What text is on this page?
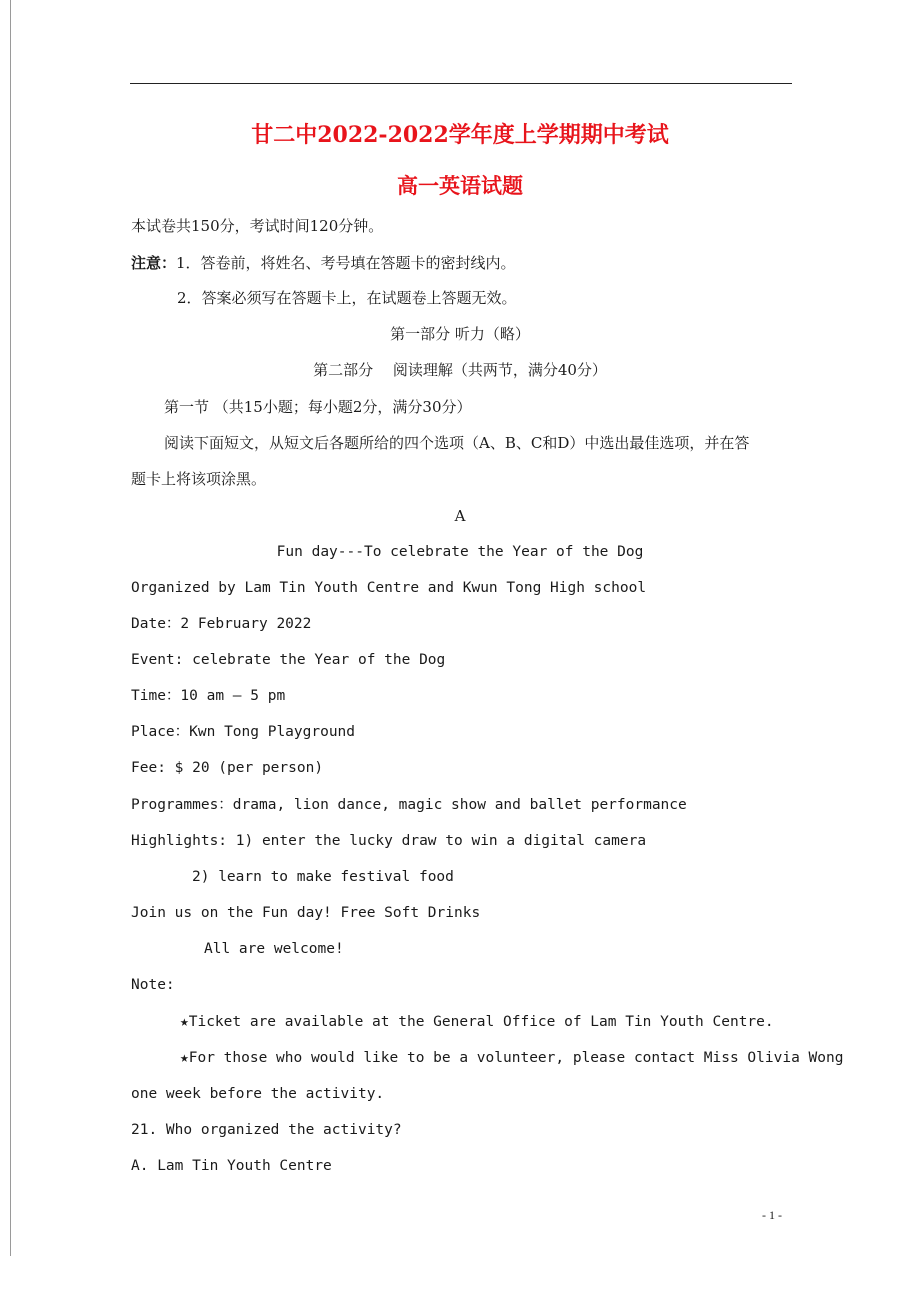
甘二中2022-2022学年度上学期期中考试
高一英语试题
本试卷共150分，考试时间120分钟。
注意：1．答卷前，将姓名、考号填在答题卡的密封线内。
2．答案必须写在答题卡上，在试题卷上答题无效。
第一部分 听力（略）
第二部分　 阅读理解（共两节，满分40分）
第一节 （共15小题；每小题2分，满分30分）
阅读下面短文，从短文后各题所给的四个选项（A、B、C和D）中选出最佳选项，并在答
题卡上将该项涂黑。
A
Fun day---To celebrate the Year of the Dog
Organized by Lam Tin Youth Centre and Kwun Tong High school
Date：2 February 2022
Event: celebrate the Year of the Dog
Time：10 am – 5 pm
Place：Kwn Tong Playground
Fee: $ 20 (per person)
Programmes：drama, lion dance, magic show and ballet performance
Highlights: 1) enter the lucky draw to win a digital camera
2) learn to make festival food
Join us on the Fun day! Free Soft Drinks
All are welcome!
Note:
★Ticket are available at the General Office of Lam Tin Youth Centre.
★For those who would like to be a volunteer, please contact Miss Olivia Wong
one week before the activity.
21. Who organized the activity?
A. Lam Tin Youth Centre
- 1 -
